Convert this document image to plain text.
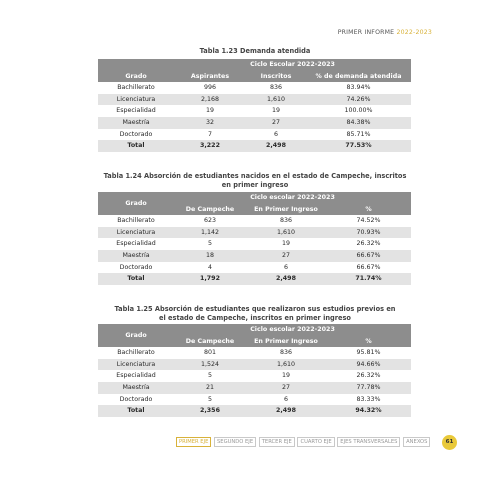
PRIMER INFORME 2022-2023
Tabla 1.23 Demanda atendida
	Ciclo Escolar 2022-2023		
Grado	Aspirantes	Inscritos	% de demanda atendida
Bachillerato	996	836	83.94%
Licenciatura	2,168	1,610	74.26%
Especialidad	19	19	100.00%
Maestría	32	27	84.38%
Doctorado	7	6	85.71%
Total	3,222	2,498	77.53%
Tabla 1.24 Absorción de estudiantes nacidos en el estado de Campeche, inscritos
en primer ingreso
Grado	Ciclo escolar 2022-2023		
	De Campeche	En Primer Ingreso	%
Bachillerato	623	836	74.52%
Licenciatura	1,142	1,610	70.93%
Especialidad	5	19	26.32%
Maestría	18	27	66.67%
Doctorado	4	6	66.67%
Total	1,792	2,498	71.74%
Tabla 1.25 Absorción de estudiantes que realizaron sus estudios previos en
el estado de Campeche, inscritos en primer ingreso
Grado	Ciclo escolar 2022-2023		
	De Campeche	En Primer Ingreso	%
Bachillerato	801	836	95.81%
Licenciatura	1,524	1,610	94.66%
Especialidad	5	19	26.32%
Maestría	21	27	77.78%
Doctorado	5	6	83.33%
Total	2,356	2,498	94.32%
PRIMER EJE SEGUNDO EJE TERCER EJE CUARTO EJE EJES TRANSVERSALES ANEXOS	61
